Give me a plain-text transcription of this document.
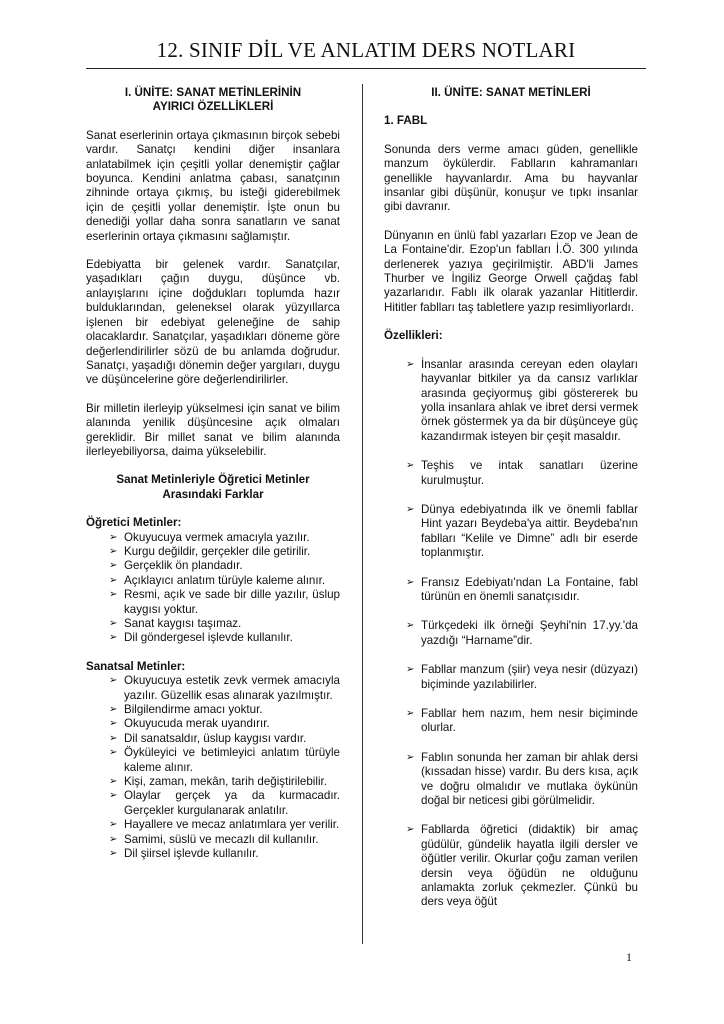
12. SINIF DİL VE ANLATIM DERS NOTLARI
I. ÜNİTE: SANAT METİNLERİNİN AYIRICI ÖZELLİKLERİ

Sanat eserlerinin ortaya çıkmasının birçok sebebi vardır. Sanatçı kendini diğer insanlara anlatabilmek için çeşitli yollar denemiştir çağlar boyunca. Kendini anlatma çabası, sanatçının zihninde ortaya çıkmış, bu isteği giderebilmek için de çeşitli yollar denemiştir. İşte onun bu denediği yollar daha sonra sanatların ve sanat eserlerinin ortaya çıkmasını sağlamıştır.

Edebiyatta bir gelenek vardır. Sanatçılar, yaşadıkları çağın duygu, düşünce vb. anlayışlarını içine doğdukları toplumda hazır bulduklarından, geleneksel olarak yüzyıllarca işlenen bir edebiyat geleneğine de sahip olacaklardır. Sanatçılar, yaşadıkları döneme göre değerlendirilirler sözü de bu anlamda doğrudur. Sanatçı, yaşadığı dönemin değer yargıları, duygu ve düşüncelerine göre değerlendirilirler.

Bir milletin ilerleyip yükselmesi için sanat ve bilim alanında yenilik düşüncesine açık olmaları gereklidir. Bir millet sanat ve bilim alanında ilerleyebiliyorsa, daima yükselebilir.

Sanat Metinleriyle Öğretici Metinler Arasındaki Farklar
Öğretici Metinler:
➢ Okuyucuya vermek amacıyla yazılır.
➢ Kurgu değildir, gerçekler dile getirilir.
➢ Gerçeklik ön plandadır.
➢ Açıklayıcı anlatım türüyle kaleme alınır.
➢ Resmi, açık ve sade bir dille yazılır, üslup kaygısı yoktur.
➢ Sanat kaygısı taşımaz.
➢ Dil göndergesel işlevde kullanılır.
Sanatsal Metinler:
➢ Okuyucuya estetik zevk vermek amacıyla yazılır. Güzellik esas alınarak yazılmıştır.
➢ Bilgilendirme amacı yoktur.
➢ Okuyucuda merak uyandırır.
➢ Dil sanatsaldır, üslup kaygısı vardır.
➢ Öyküleyici ve betimleyici anlatım türüyle kaleme alınır.
➢ Kişi, zaman, mekân, tarih değiştirilebilir.
➢ Olaylar gerçek ya da kurmacadır. Gerçekler kurgulanarak anlatılır.
➢ Hayallere ve mecaz anlatımlara yer verilir.
➢ Samimi, süslü ve mecazlı dil kullanılır.
➢ Dil şiirsel işlevde kullanılır.
II. ÜNİTE: SANAT METİNLERİ
1. FABL

Sonunda ders verme amacı güden, genellikle manzum öykülerdir. Fablların kahramanları genellikle hayvanlardır. Ama bu hayvanlar insanlar gibi düşünür, konuşur ve tıpkı insanlar gibi davranır.

Dünyanın en ünlü fabl yazarları Ezop ve Jean de La Fontaine'dir. Ezop'un fablları İ.Ö. 300 yılında derlenerek yazıya geçirilmiştir. ABD'li James Thurber ve İngiliz George Orwell çağdaş fabl yazarlarıdır. Fablı ilk olarak yazanlar Hititlerdir. Hititler fablları taş tabletlere yazıp resimliyorlardı.

Özellikleri:
➢ İnsanlar arasında cereyan eden olayları hayvanlar bitkiler ya da cansız varlıklar arasında geçiyormuş gibi göstererek bu yolla insanlara ahlak ve ibret dersi vermek örnek göstermek ya da bir düşünceye güç kazandırmak isteyen bir çeşit masaldır.
➢ Teşhis ve intak sanatları üzerine kurulmuştur.
➢ Dünya edebiyatında ilk ve önemli fabllar Hint yazarı Beydeba'ya aittir. Beydeba'nın fablları “Kelile ve Dimne” adlı bir eserde toplanmıştır.
➢ Fransız Edebiyatı'ndan La Fontaine, fabl türünün en önemli sanatçısıdır.
➢ Türkçedeki ilk örneği Şeyhi'nin 17.yy.'da yazdığı “Harname”dir.
➢ Fabllar manzum (şiir) veya nesir (düzyazı) biçiminde yazılabilirler.
➢ Fabllar hem nazım, hem nesir biçiminde olurlar.
➢ Fablın sonunda her zaman bir ahlak dersi (kıssadan hisse) vardır. Bu ders kısa, açık ve doğru olmalıdır ve mutlaka öykünün doğal bir neticesi gibi görülmelidir.
➢ Fabllarda öğretici (didaktik) bir amaç güdülür, gündelik hayatla ilgili dersler ve öğütler verilir. Okurlar çoğu zaman verilen dersin veya öğüdün ne olduğunu anlamakta zorluk çekmezler. Çünkü bu ders veya öğüt
1
